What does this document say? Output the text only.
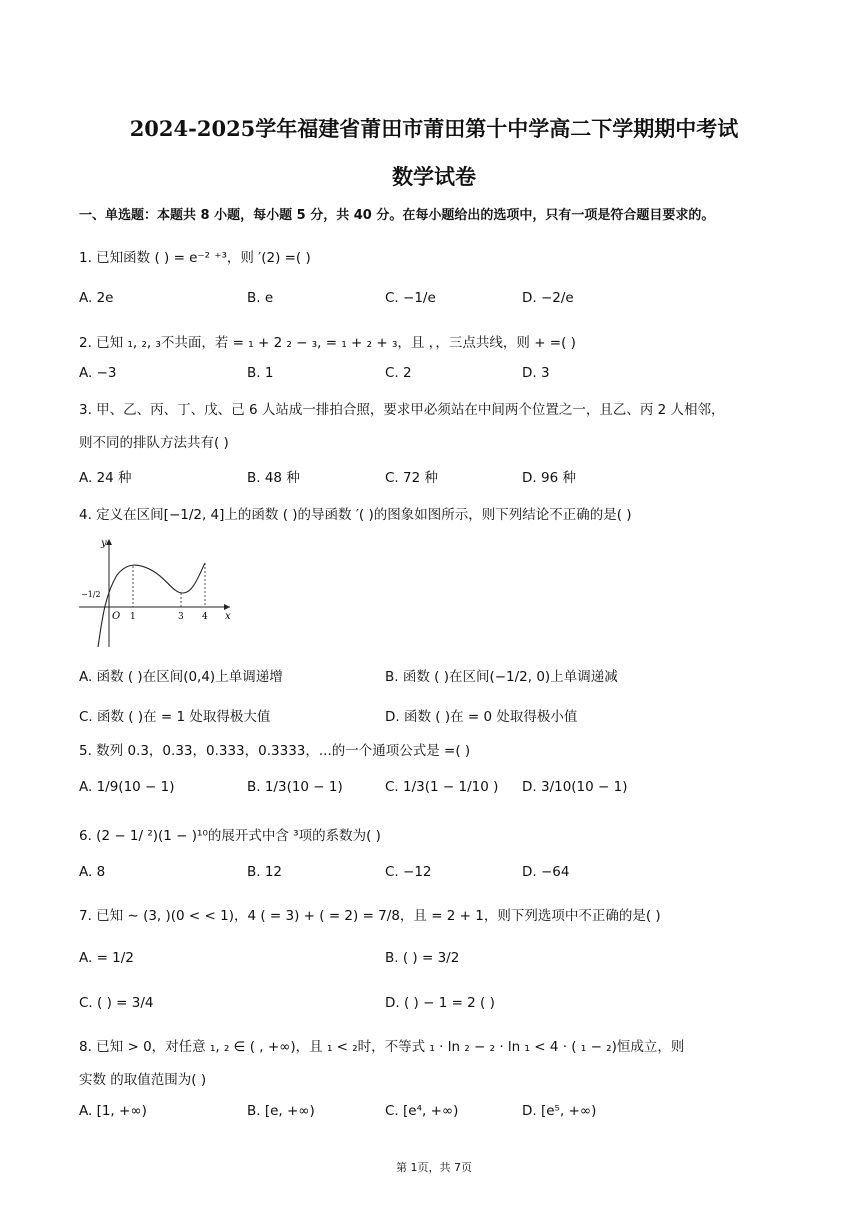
2024-2025学年福建省莆田市莆田第十中学高二下学期期中考试
数学试卷
一、单选题：本题共 8 小题，每小题 5 分，共 40 分。在每小题给出的选项中，只有一项是符合题目要求的。
1. 已知函数 ( ) = e⁻² ⁺³，则 ′(2) =( )
A. 2e	B. e	C. −1/e	D. −2/e
2. 已知 ₁, ₂, ₃不共面，若 = ₁ + 2 ₂ − ₃, = ₁ + ₂ + ₃，且 ，，三点共线，则 + =( )
A. −3	B. 1	C. 2	D. 3
3. 甲、乙、丙、丁、戊、己 6 人站成一排拍合照，要求甲必须站在中间两个位置之一，且乙、丙 2 人相邻，
则不同的排队方法共有( )
A. 24 种	B. 48 种	C. 72 种	D. 96 种
4. 定义在区间[−1/2, 4]上的函数 ( )的导函数 ′( )的图象如图所示，则下列结论不正确的是( )
y
x
O 1	3 4
−1/2
A. 函数 ( )在区间(0,4)上单调递增	B. 函数 ( )在区间(−1/2, 0)上单调递减
C. 函数 ( )在 = 1 处取得极大值	D. 函数 ( )在 = 0 处取得极小值
5. 数列 0.3，0.33，0.333，0.3333，...的一个通项公式是 =( )
A. 1/9(10 − 1)	B. 1/3(10 − 1)	C. 1/3(1 − 1/10 ) D. 3/10(10 − 1)
6. (2 − 1/ ²)(1 − )¹⁰的展开式中含 ³项的系数为( )
A. 8	B. 12	C. −12	D. −64
7. 已知 ∼ (3, )(0 < < 1)，4 ( = 3) + ( = 2) = 7/8，且 = 2 + 1，则下列选项中不正确的是( )
A. = 1/2	B. ( ) = 3/2
C. ( ) = 3/4	D. ( ) − 1 = 2 ( )
8. 已知 > 0，对任意 ₁, ₂ ∈ ( , +∞)，且 ₁ < ₂时，不等式 ₁ · ln ₂ − ₂ · ln ₁ < 4 · ( ₁ − ₂)恒成立，则
实数 的取值范围为( )
A. [1, +∞)	B. [e, +∞)	C. [e⁴, +∞)	D. [e⁵, +∞)
第 1页，共 7页
